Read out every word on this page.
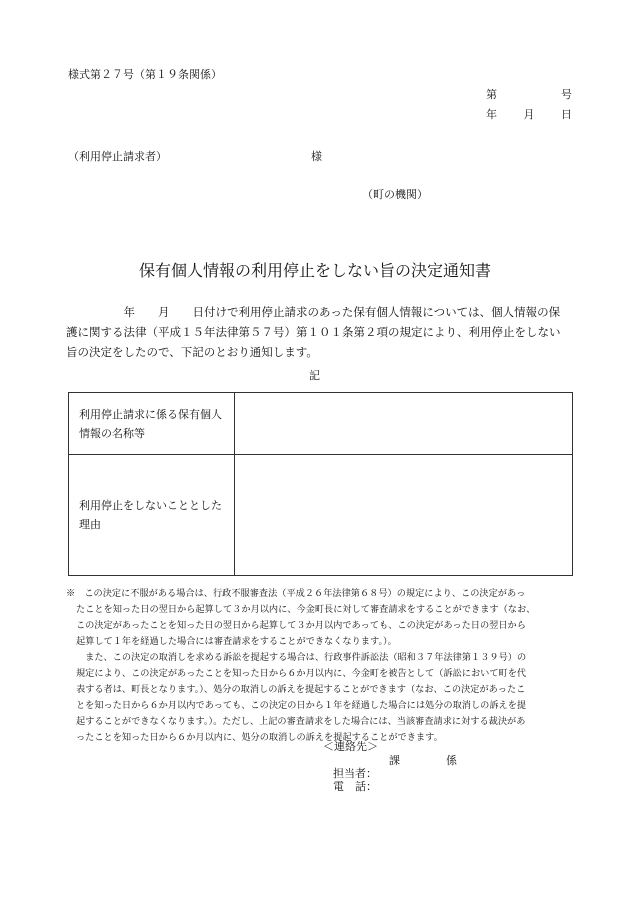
様式第２７号（第１９条関係）
第	号
年 月 日
（利用停止請求者）	様
（町の機関）
保有個人情報の利用停止をしない旨の決定通知書

　　　　　年　　月　　日付けで利用停止請求のあった保有個人情報については、個人情報の保

護に関する法律（平成１５年法律第５７号）第１０１条第２項の規定により、利用停止をしない

旨の決定をしたので、下記のとおり通知します。

記
利用停止請求に係る保有個人
情報の名称等	

利用停止をしないこととした
理由	

※　この決定に不服がある場合は、行政不服審査法（平成２６年法律第６８号）の規定により、この決定があっ

たことを知った日の翌日から起算して３か月以内に、今金町長に対して審査請求をすることができます（なお、

この決定があったことを知った日の翌日から起算して３か月以内であっても、この決定があった日の翌日から

起算して１年を経過した場合には審査請求をすることができなくなります。）。

　また、この決定の取消しを求める訴訟を提起する場合は、行政事件訴訟法（昭和３７年法律第１３９号）の

規定により、この決定があったことを知った日から６か月以内に、今金町を被告として（訴訟において町を代

表する者は、町長となります。）、処分の取消しの訴えを提起することができます（なお、この決定があったこ

とを知った日から６か月以内であっても、この決定の日から１年を経過した場合には処分の取消しの訴えを提

起することができなくなります。）。ただし、上記の審査請求をした場合には、当該審査請求に対する裁決があ

ったことを知った日から６か月以内に、処分の取消しの訴えを提起することができます。

＜連絡先＞
課	係
担当者：
電　話：
